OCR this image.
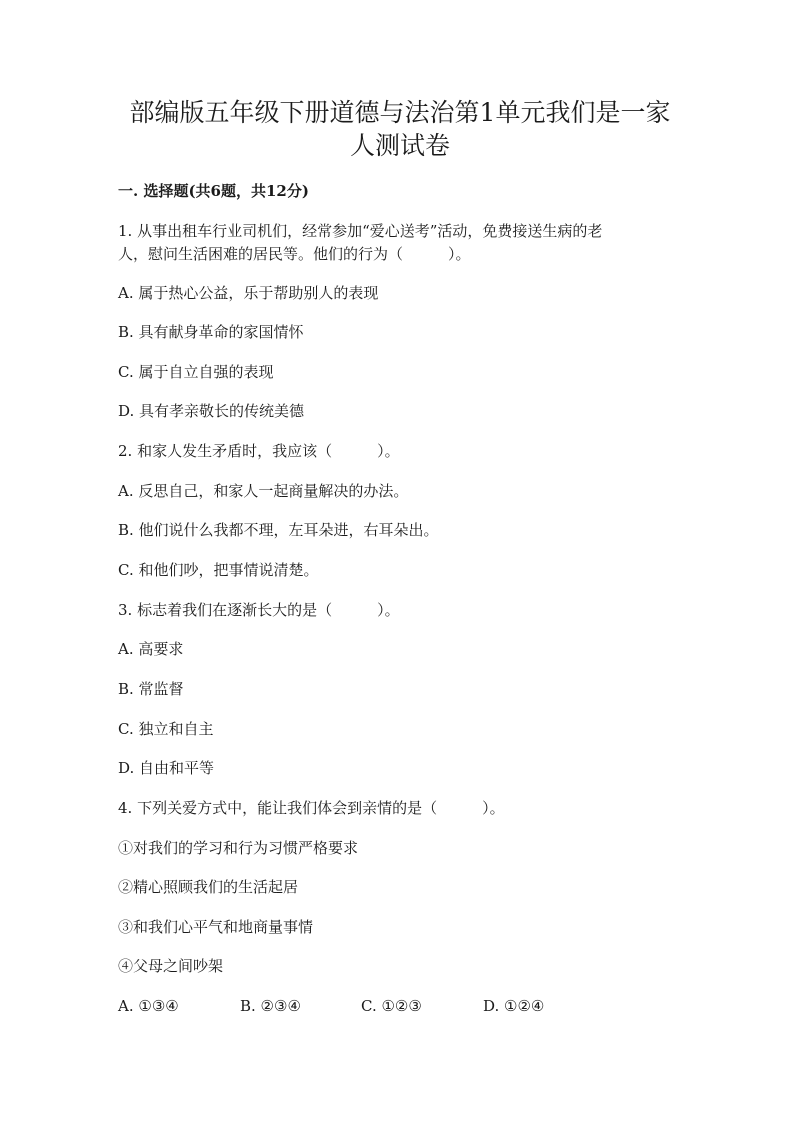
部编版五年级下册道德与法治第1单元我们是一家
人测试卷
一. 选择题(共6题，共12分)
1. 从事出租车行业司机们，经常参加“爱心送考”活动，免费接送生病的老
人，慰问生活困难的居民等。他们的行为（　　　）。
A. 属于热心公益，乐于帮助别人的表现
B. 具有献身革命的家国情怀
C. 属于自立自强的表现
D. 具有孝亲敬长的传统美德
2. 和家人发生矛盾时，我应该（　　　）。
A. 反思自己，和家人一起商量解决的办法。
B. 他们说什么我都不理，左耳朵进，右耳朵出。
C. 和他们吵，把事情说清楚。
3. 标志着我们在逐渐长大的是（　　　）。
A. 高要求
B. 常监督
C. 独立和自主
D. 自由和平等
4. 下列关爱方式中，能让我们体会到亲情的是（　　　）。
①对我们的学习和行为习惯严格要求
②精心照顾我们的生活起居
③和我们心平气和地商量事情
④父母之间吵架
A. ①③④	B. ②③④	C. ①②③	D. ①②④
